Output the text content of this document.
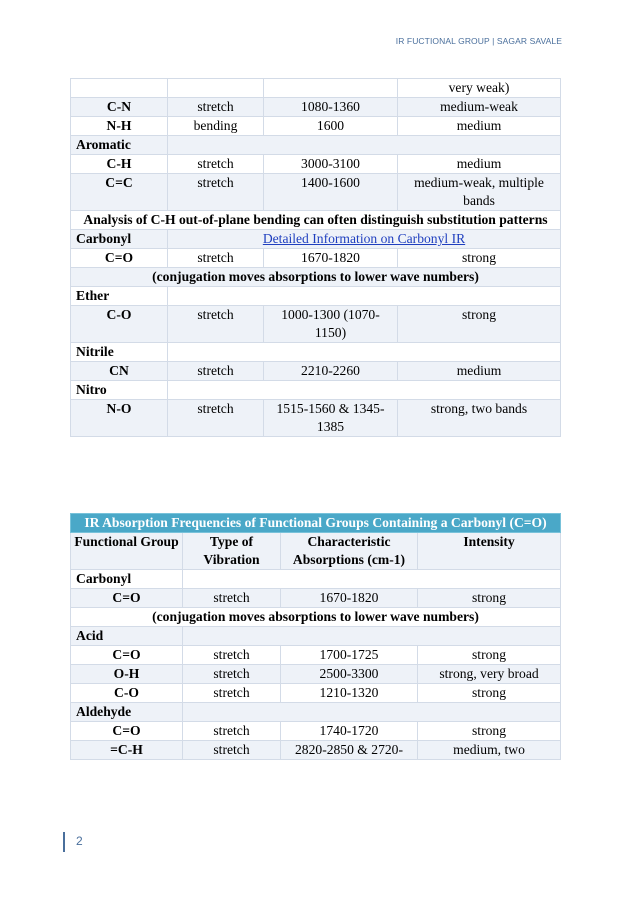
IR FUCTIONAL GROUP | SAGAR SAVALE
			very weak)
C-N	stretch	1080-1360	medium-weak
N-H	bending	1600	medium
Aromatic			
C-H	stretch	3000-3100	medium
C=C	stretch	1400-1600	medium-weak, multiple bands
Analysis of C-H out-of-plane bending can often distinguish substitution patterns			
Carbonyl	Detailed Information on Carbonyl IR		
C=O	stretch	1670-1820	strong
(conjugation moves absorptions to lower wave numbers)			
Ether			
C-O	stretch	1000-1300 (1070-1150)	strong
Nitrile			
CN	stretch	2210-2260	medium
Nitro			
N-O	stretch	1515-1560 & 1345-1385	strong, two bands
IR Absorption Frequencies of Functional Groups Containing a Carbonyl (C=O)			
Functional Group	Type of Vibration	Characteristic Absorptions (cm-1)	Intensity
Carbonyl			
C=O	stretch	1670-1820	strong
(conjugation moves absorptions to lower wave numbers)			
Acid			
C=O	stretch	1700-1725	strong
O-H	stretch	2500-3300	strong, very broad
C-O	stretch	1210-1320	strong
Aldehyde			
C=O	stretch	1740-1720	strong
=C-H	stretch	2820-2850 & 2720-	medium, two
2
